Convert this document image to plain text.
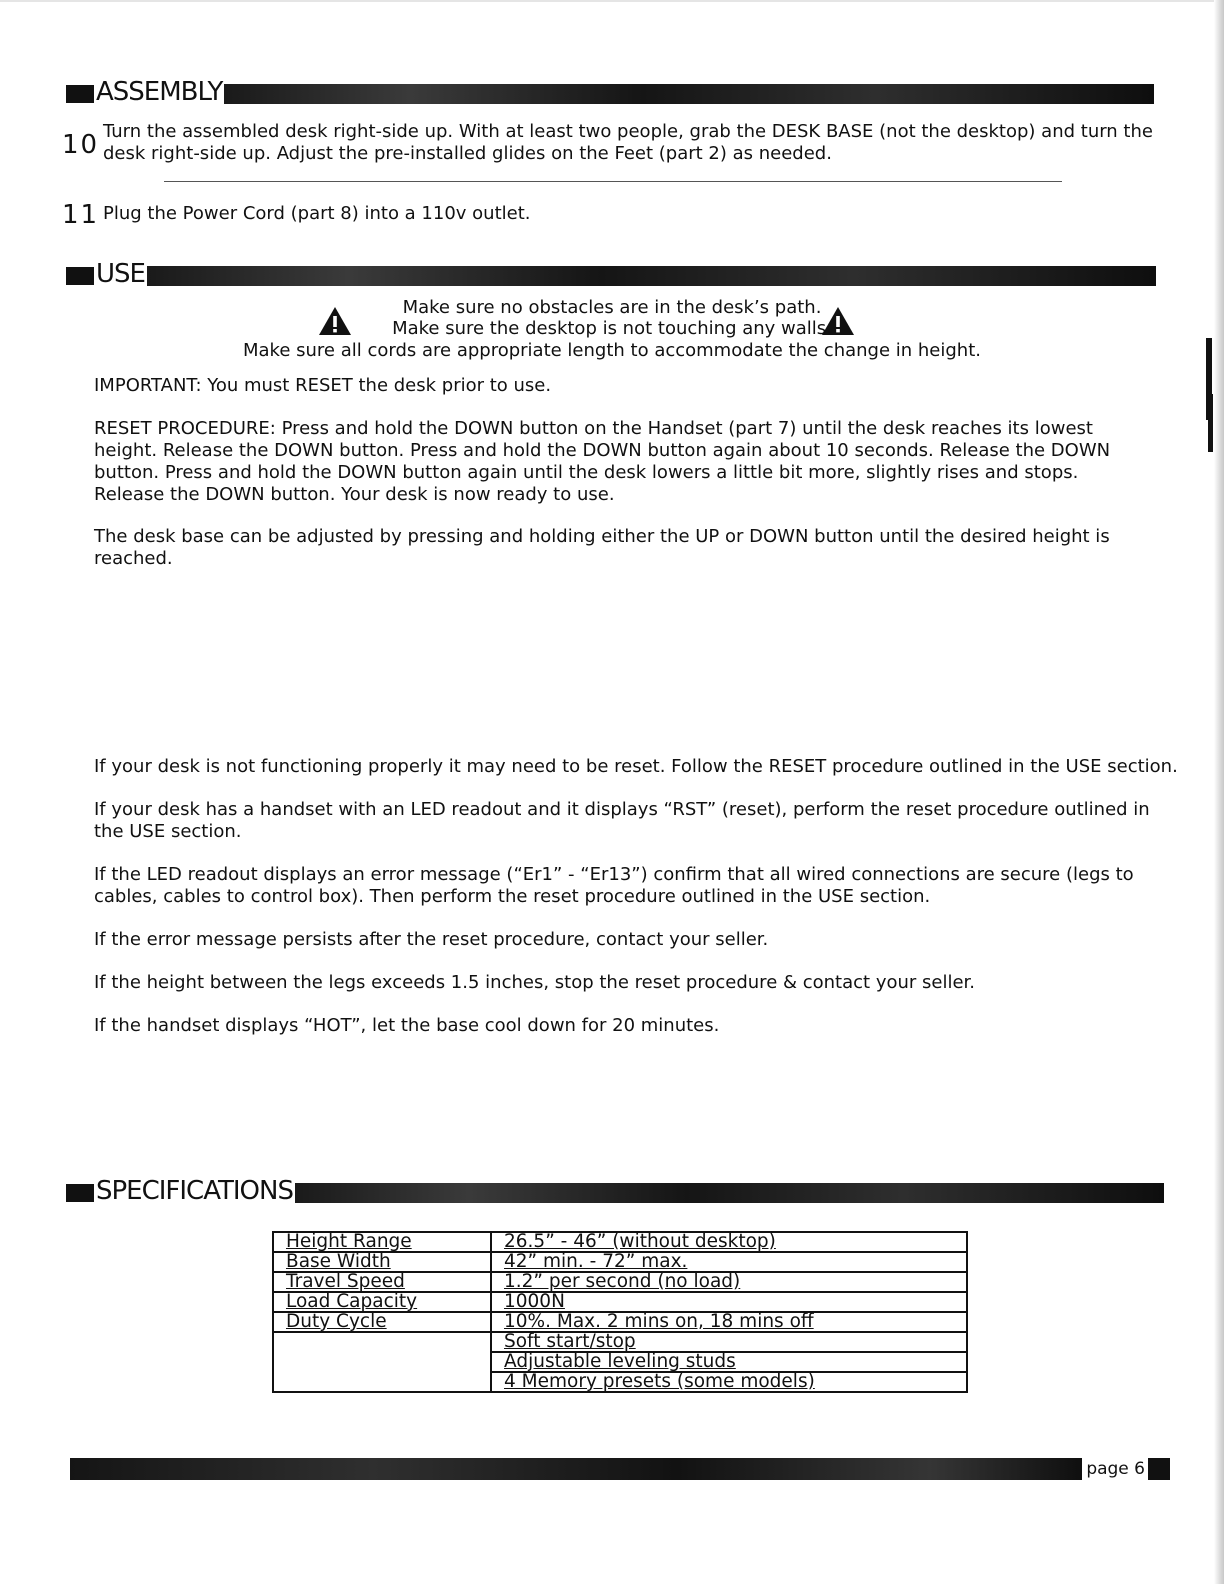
ASSEMBLY
10 Turn the assembled desk right-side up. With at least two people, grab the DESK BASE (not the desktop) and turn the
desk right-side up. Adjust the pre-installed glides on the Feet (part 2) as needed.
11 Plug the Power Cord (part 8) into a 110v outlet.
USE
Make sure no obstacles are in the desk’s path.
Make sure the desktop is not touching any walls.
Make sure all cords are appropriate length to accommodate the change in height.
IMPORTANT: You must RESET the desk prior to use.
RESET PROCEDURE: Press and hold the DOWN button on the Handset (part 7) until the desk reaches its lowest height. Release the DOWN button. Press and hold the DOWN button again about 10 seconds. Release the DOWN button. Press and hold the DOWN button again until the desk lowers a little bit more, slightly rises and stops. Release the DOWN button. Your desk is now ready to use.
The desk base can be adjusted by pressing and holding either the UP or DOWN button until the desired height is reached.
If your desk is not functioning properly it may need to be reset. Follow the RESET procedure outlined in the USE section.
If your desk has a handset with an LED readout and it displays “RST” (reset), perform the reset procedure outlined in the USE section.
If the LED readout displays an error message (“Er1” - “Er13”) confirm that all wired connections are secure (legs to cables, cables to control box). Then perform the reset procedure outlined in the USE section.
If the error message persists after the reset procedure, contact your seller.
If the height between the legs exceeds 1.5 inches, stop the reset procedure & contact your seller.
If the handset displays “HOT”, let the base cool down for 20 minutes.
SPECIFICATIONS
Height Range	26.5” - 46” (without desktop)
Base Width	42” min. - 72” max.
Travel Speed	1.2” per second (no load)
Load Capacity	1000N
Duty Cycle	10%. Max. 2 mins on, 18 mins off
	Soft start/stop
	Adjustable leveling studs
	4 Memory presets (some models)
page 6
